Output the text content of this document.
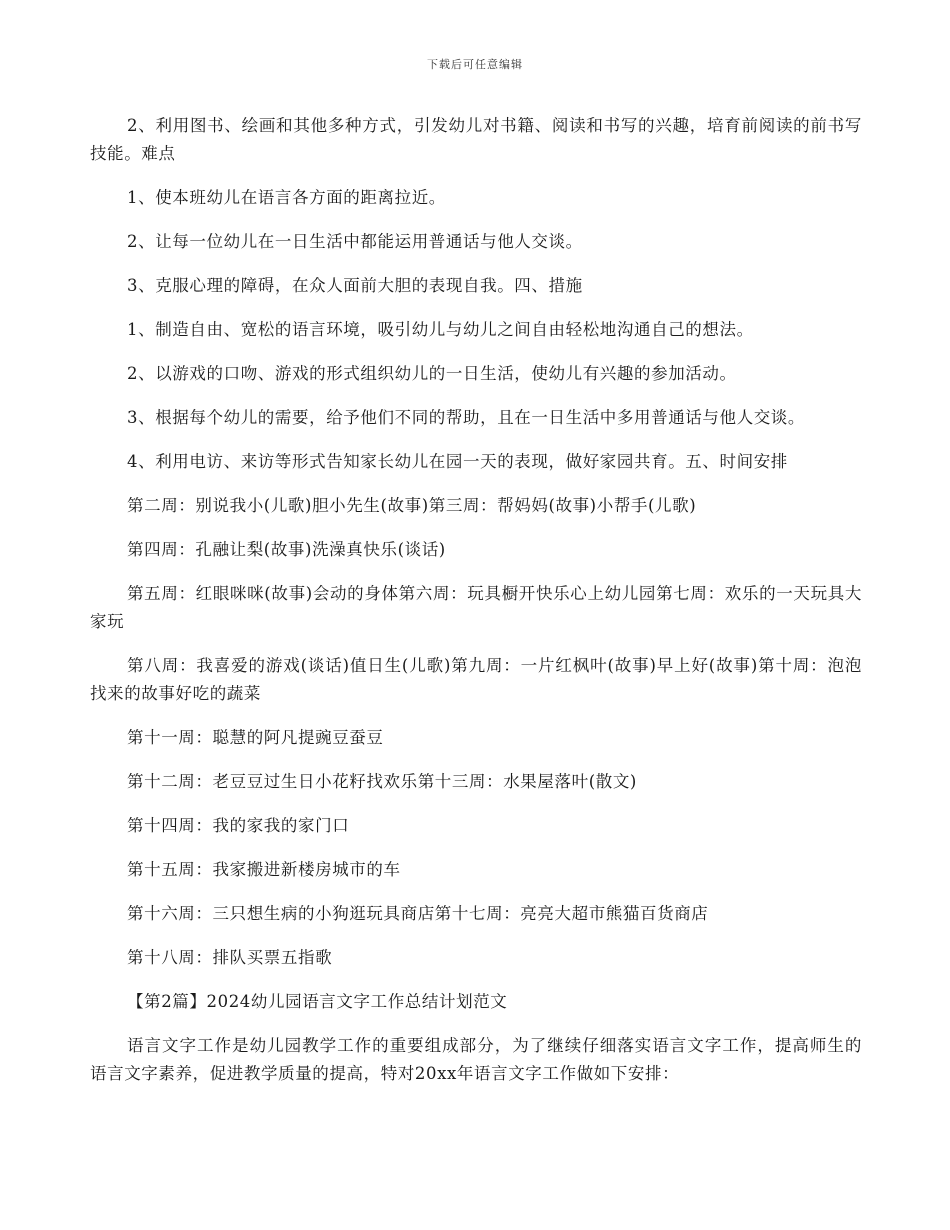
下载后可任意编辑

2、利用图书、绘画和其他多种方式，引发幼儿对书籍、阅读和书写的兴趣，培育前阅读的前书写技能。难点

1、使本班幼儿在语言各方面的距离拉近。

2、让每一位幼儿在一日生活中都能运用普通话与他人交谈。

3、克服心理的障碍，在众人面前大胆的表现自我。四、措施

1、制造自由、宽松的语言环境，吸引幼儿与幼儿之间自由轻松地沟通自己的想法。

2、以游戏的口吻、游戏的形式组织幼儿的一日生活，使幼儿有兴趣的参加活动。

3、根据每个幼儿的需要，给予他们不同的帮助，且在一日生活中多用普通话与他人交谈。

4、利用电访、来访等形式告知家长幼儿在园一天的表现，做好家园共育。五、时间安排

第二周：别说我小(儿歌)胆小先生(故事)第三周：帮妈妈(故事)小帮手(儿歌)

第四周：孔融让梨(故事)洗澡真快乐(谈话)

第五周：红眼咪咪(故事)会动的身体第六周：玩具橱开快乐心上幼儿园第七周：欢乐的一天玩具大家玩

第八周：我喜爱的游戏(谈话)值日生(儿歌)第九周：一片红枫叶(故事)早上好(故事)第十周：泡泡找来的故事好吃的蔬菜

第十一周：聪慧的阿凡提豌豆蚕豆

第十二周：老豆豆过生日小花籽找欢乐第十三周：水果屋落叶(散文)

第十四周：我的家我的家门口

第十五周：我家搬进新楼房城市的车

第十六周：三只想生病的小狗逛玩具商店第十七周：亮亮大超市熊猫百货商店

第十八周：排队买票五指歌

【第2篇】2024幼儿园语言文字工作总结计划范文

语言文字工作是幼儿园教学工作的重要组成部分，为了继续仔细落实语言文字工作，提高师生的语言文字素养，促进教学质量的提高，特对20xx年语言文字工作做如下安排：
